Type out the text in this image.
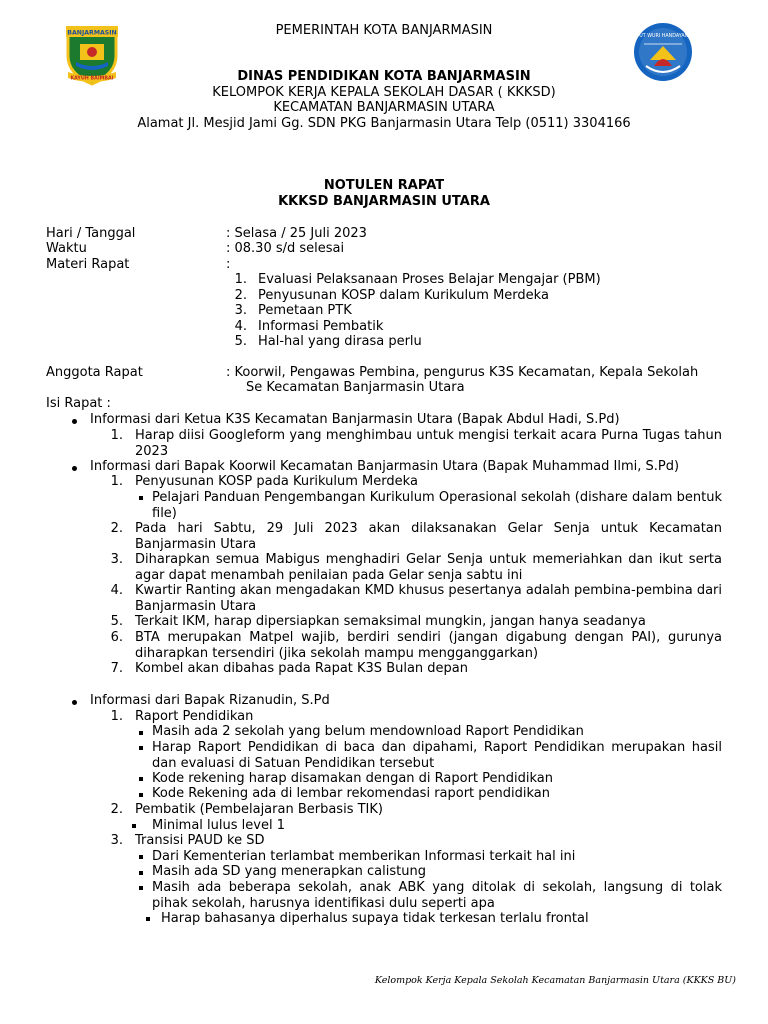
BANJARMASIN
KAYUH BAIMBAI
TUT WURI HANDAYANI
PEMERINTAH KOTA BANJARMASIN
DINAS PENDIDIKAN KOTA BANJARMASIN
KELOMPOK KERJA KEPALA SEKOLAH DASAR ( KKKSD)
KECAMATAN BANJARMASIN UTARA
Alamat Jl. Mesjid Jami Gg. SDN PKG Banjarmasin Utara Telp (0511) 3304166
NOTULEN RAPAT
KKKSD BANJARMASIN UTARA
Hari / Tanggal	: Selasa / 25 Juli 2023
Waktu	: 08.30 s/d selesai
Materi Rapat	:
1. Evaluasi Pelaksanaan Proses Belajar Mengajar (PBM)
2. Penyusunan KOSP dalam Kurikulum Merdeka
3. Pemetaan PTK
4. Informasi Pembatik
5. Hal-hal yang dirasa perlu
Anggota Rapat	: Koorwil, Pengawas Pembina, pengurus K3S Kecamatan, Kepala Sekolah
Se Kecamatan Banjarmasin Utara
Isi Rapat :
Informasi dari Ketua K3S Kecamatan Banjarmasin Utara (Bapak Abdul Hadi, S.Pd)
1. Harap diisi Googleform yang menghimbau untuk mengisi terkait acara Purna Tugas tahun 2023
Informasi dari Bapak Koorwil Kecamatan Banjarmasin Utara (Bapak Muhammad Ilmi, S.Pd)
1. Penyusunan KOSP pada Kurikulum Merdeka
Pelajari Panduan Pengembangan Kurikulum Operasional sekolah (dishare dalam bentuk file)
2. Pada hari Sabtu, 29 Juli 2023 akan dilaksanakan Gelar Senja untuk Kecamatan Banjarmasin Utara
3. Diharapkan semua Mabigus menghadiri Gelar Senja untuk memeriahkan dan ikut serta agar dapat menambah penilaian pada Gelar senja sabtu ini
4. Kwartir Ranting akan mengadakan KMD khusus pesertanya adalah pembina-pembina dari Banjarmasin Utara
5. Terkait IKM, harap dipersiapkan semaksimal mungkin, jangan hanya seadanya
6. BTA merupakan Matpel wajib, berdiri sendiri (jangan digabung dengan PAI), gurunya diharapkan tersendiri (jika sekolah mampu mengganggarkan)
7. Kombel akan dibahas pada Rapat K3S Bulan depan
Informasi dari Bapak Rizanudin, S.Pd
1. Raport Pendidikan
Masih ada 2 sekolah yang belum mendownload Raport Pendidikan
Harap Raport Pendidikan di baca dan dipahami, Raport Pendidikan merupakan hasil dan evaluasi di Satuan Pendidikan tersebut
Kode rekening harap disamakan dengan di Raport Pendidikan
Kode Rekening ada di lembar rekomendasi raport pendidikan
2. Pembatik (Pembelajaran Berbasis TIK)
Minimal lulus level 1
3. Transisi PAUD ke SD
Dari Kementerian terlambat memberikan Informasi terkait hal ini
Masih ada SD yang menerapkan calistung
Masih ada beberapa sekolah, anak ABK yang ditolak di sekolah, langsung di tolak pihak sekolah, harusnya identifikasi dulu seperti apa
Harap bahasanya diperhalus supaya tidak terkesan terlalu frontal
Kelompok Kerja Kepala Sekolah Kecamatan Banjarmasin Utara (KKKS BU)
